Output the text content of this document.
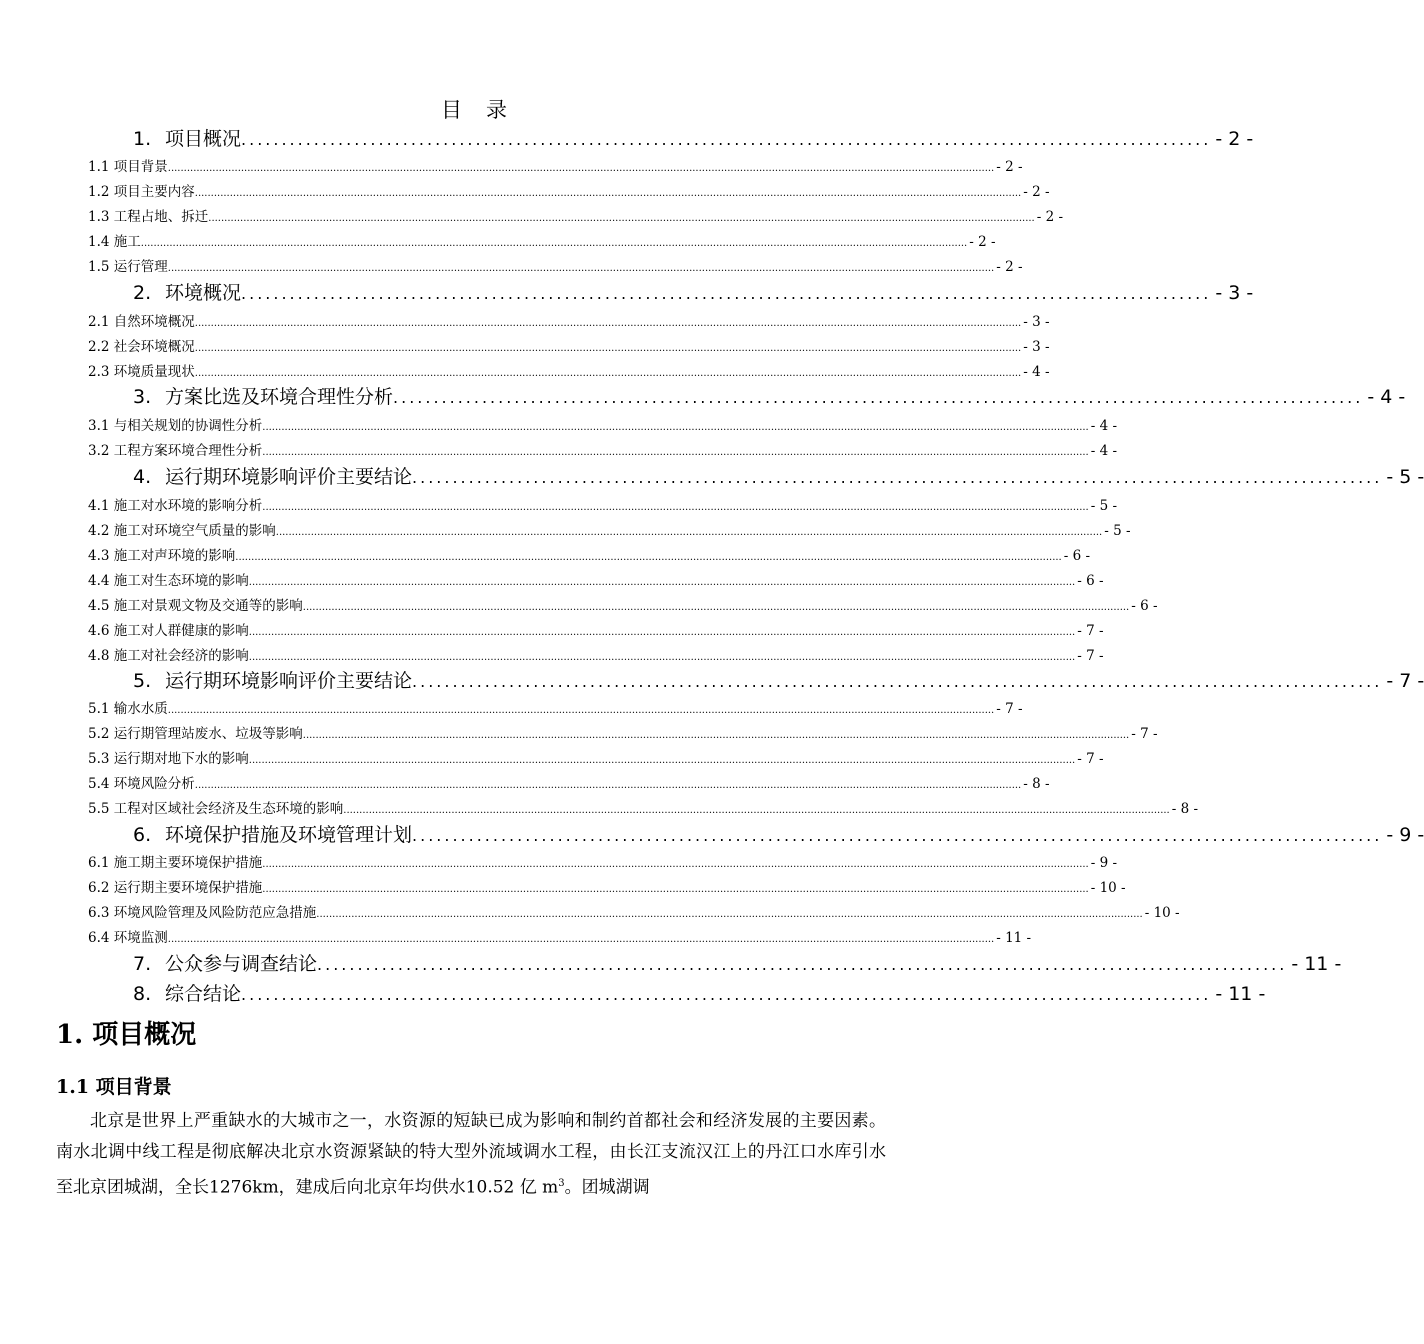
目 录
1. 项目概况 ........................................................................................................................ - 2 -
1.1 项目背景 .................................................................................................................................................................................................................................................................... - 2 -
1.2 项目主要内容 .................................................................................................................................................................................................................................................................... - 2 -
1.3 工程占地、拆迁 .................................................................................................................................................................................................................................................................... - 2 -
1.4 施工 .................................................................................................................................................................................................................................................................... - 2 -
1.5 运行管理 .................................................................................................................................................................................................................................................................... - 2 -
2. 环境概况 ........................................................................................................................ - 3 -
2.1 自然环境概况 .................................................................................................................................................................................................................................................................... - 3 -
2.2 社会环境概况 .................................................................................................................................................................................................................................................................... - 3 -
2.3 环境质量现状 .................................................................................................................................................................................................................................................................... - 4 -
3. 方案比选及环境合理性分析 ........................................................................................................................ - 4 -
3.1 与相关规划的协调性分析 .................................................................................................................................................................................................................................................................... - 4 -
3.2 工程方案环境合理性分析 .................................................................................................................................................................................................................................................................... - 4 -
4. 运行期环境影响评价主要结论 ........................................................................................................................ - 5 -
4.1 施工对水环境的影响分析 .................................................................................................................................................................................................................................................................... - 5 -
4.2 施工对环境空气质量的影响 .................................................................................................................................................................................................................................................................... - 5 -
4.3 施工对声环境的影响 .................................................................................................................................................................................................................................................................... - 6 -
4.4 施工对生态环境的影响 .................................................................................................................................................................................................................................................................... - 6 -
4.5 施工对景观文物及交通等的影响 .................................................................................................................................................................................................................................................................... - 6 -
4.6 施工对人群健康的影响 .................................................................................................................................................................................................................................................................... - 7 -
4.8 施工对社会经济的影响 .................................................................................................................................................................................................................................................................... - 7 -
5. 运行期环境影响评价主要结论 ........................................................................................................................ - 7 -
5.1 输水水质 .................................................................................................................................................................................................................................................................... - 7 -
5.2 运行期管理站废水、垃圾等影响 .................................................................................................................................................................................................................................................................... - 7 -
5.3 运行期对地下水的影响 .................................................................................................................................................................................................................................................................... - 7 -
5.4 环境风险分析 .................................................................................................................................................................................................................................................................... - 8 -
5.5 工程对区域社会经济及生态环境的影响 .................................................................................................................................................................................................................................................................... - 8 -
6. 环境保护措施及环境管理计划 ........................................................................................................................ - 9 -
6.1 施工期主要环境保护措施 .................................................................................................................................................................................................................................................................... - 9 -
6.2 运行期主要环境保护措施 .................................................................................................................................................................................................................................................................... - 10 -
6.3 环境风险管理及风险防范应急措施 .................................................................................................................................................................................................................................................................... - 10 -
6.4 环境监测 .................................................................................................................................................................................................................................................................... - 11 -
7. 公众参与调查结论 ........................................................................................................................ - 11 -
8. 综合结论 ........................................................................................................................ - 11 -
1. 项目概况
1.1 项目背景
北京是世界上严重缺水的大城市之一，水资源的短缺已成为影响和制约首都社会和经济发展的主要因素。南水北调中线工程是彻底解决北京水资源紧缺的特大型外流域调水工程，由长江支流汉江上的丹江口水库引水至北京团城湖，全长1276km，建成后向北京年均供水10.52 亿 $m^3$。团城湖调
